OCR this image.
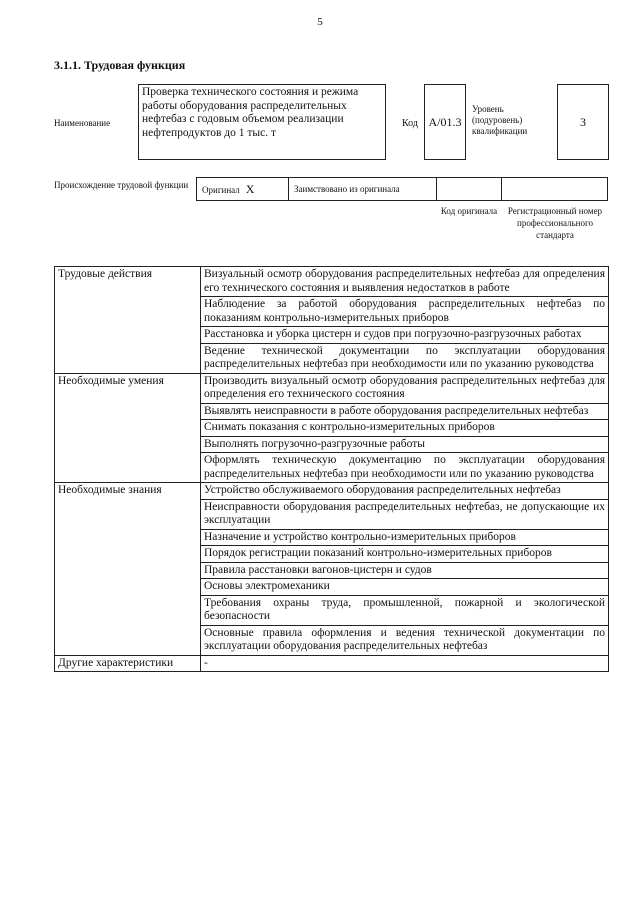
5
3.1.1. Трудовая функция
Наименование
Проверка технического состояния и режима работы оборудования распределительных нефтебаз с годовым объемом реализации нефтепродуктов до 1 тыс. т
Код А/01.3
Уровень (подуровень) квалификации
3
Происхождение трудовой функции	Оригинал X	Заимствовано из оригинала
Код оригинала	Регистрационный номер профессионального стандарта
Трудовые действия	Визуальный осмотр оборудования распределительных нефтебаз для определения его технического состояния и выявления недостатков в работе
	Наблюдение за работой оборудования распределительных нефтебаз по показаниям контрольно-измерительных приборов
	Расстановка и уборка цистерн и судов при погрузочно-разгрузочных работах
	Ведение технической документации по эксплуатации оборудования распределительных нефтебаз при необходимости или по указанию руководства
Необходимые умения	Производить визуальный осмотр оборудования распределительных нефтебаз для определения его технического состояния
	Выявлять неисправности в работе оборудования распределительных нефтебаз
	Снимать показания с контрольно-измерительных приборов
	Выполнять погрузочно-разгрузочные работы
	Оформлять техническую документацию по эксплуатации оборудования распределительных нефтебаз при необходимости или по указанию руководства
Необходимые знания	Устройство обслуживаемого оборудования распределительных нефтебаз
	Неисправности оборудования распределительных нефтебаз, не допускающие их эксплуатации
	Назначение и устройство контрольно-измерительных приборов
	Порядок регистрации показаний контрольно-измерительных приборов
	Правила расстановки вагонов-цистерн и судов
	Основы электромеханики
	Требования охраны труда, промышленной, пожарной и экологической безопасности
	Основные правила оформления и ведения технической документации по эксплуатации оборудования распределительных нефтебаз
Другие характеристики	-
